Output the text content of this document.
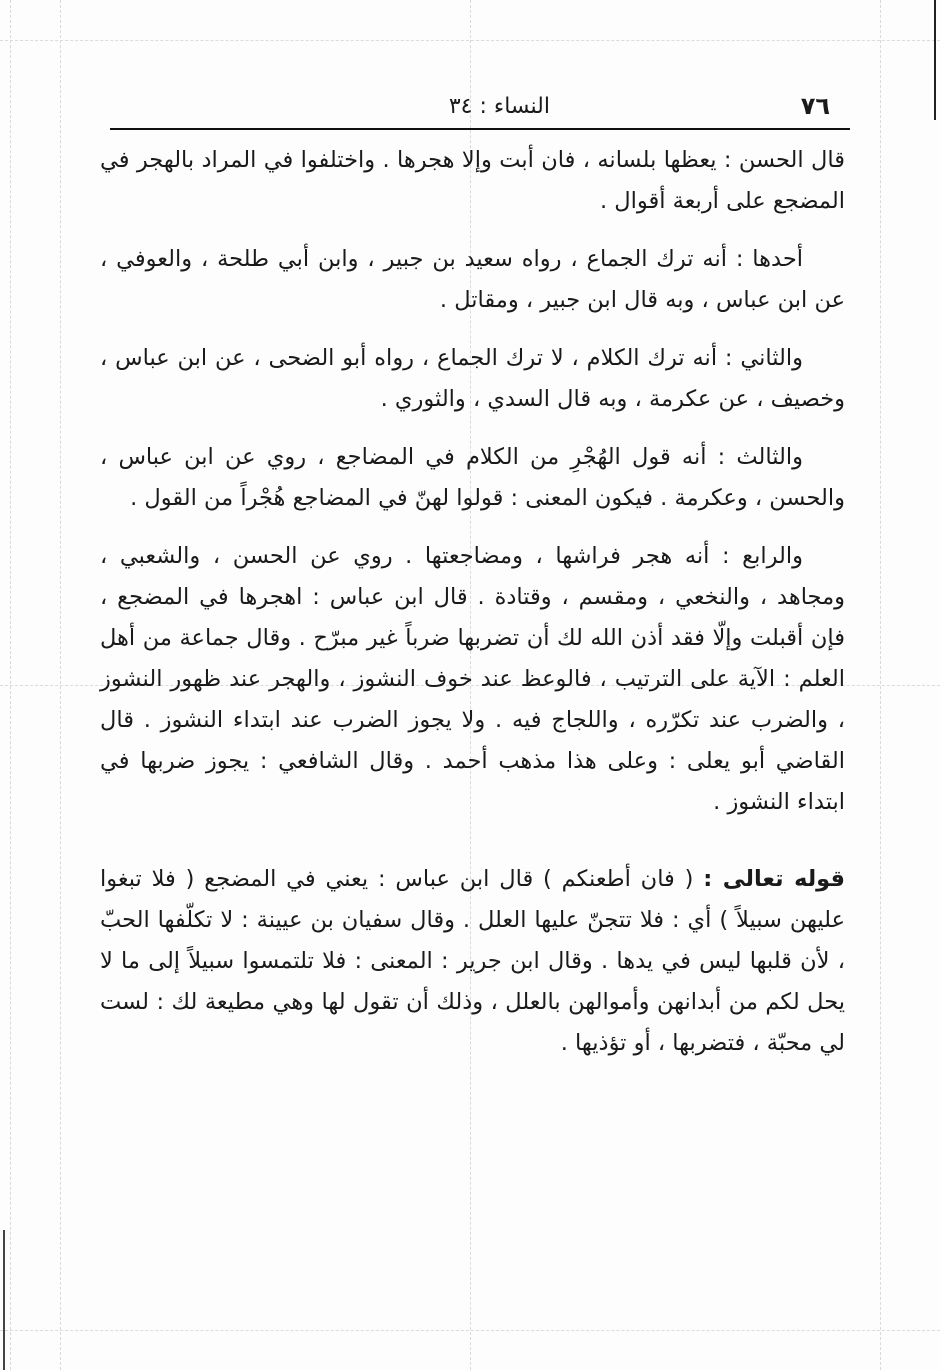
٧٦
النساء : ٣٤

قال الحسن : يعظها بلسانه ، فان أبت وإلا هجرها . واختلفوا في المراد بالهجر في المضجع على أربعة أقوال .

أحدها : أنه ترك الجماع ، رواه سعيد بن جبير ، وابن أبي طلحة ، والعوفي ، عن ابن عباس ، وبه قال ابن جبير ، ومقاتل .

والثاني : أنه ترك الكلام ، لا ترك الجماع ، رواه أبو الضحى ، عن ابن عباس ، وخصيف ، عن عكرمة ، وبه قال السدي ، والثوري .

والثالث : أنه قول الهُجْرِ من الكلام في المضاجع ، روي عن ابن عباس ، والحسن ، وعكرمة . فيكون المعنى : قولوا لهنّ في المضاجع هُجْراً من القول .

والرابع : أنه هجر فراشها ، ومضاجعتها . روي عن الحسن ، والشعبي ، ومجاهد ، والنخعي ، ومقسم ، وقتادة . قال ابن عباس : اهجرها في المضجع ، فإن أقبلت وإلّا فقد أذن الله لك أن تضربها ضرباً غير مبرّح . وقال جماعة من أهل العلم : الآية على الترتيب ، فالوعظ عند خوف النشوز ، والهجر عند ظهور النشوز ، والضرب عند تكرّره ، واللجاج فيه . ولا يجوز الضرب عند ابتداء النشوز . قال القاضي أبو يعلى : وعلى هذا مذهب أحمد . وقال الشافعي : يجوز ضربها في ابتداء النشوز .

قوله تعالى : ( فان أطعنكم ) قال ابن عباس : يعني في المضجع ( فلا تبغوا عليهن سبيلاً ) أي : فلا تتجنّ عليها العلل . وقال سفيان بن عيينة : لا تكلّفها الحبّ ، لأن قلبها ليس في يدها . وقال ابن جرير : المعنى : فلا تلتمسوا سبيلاً إلى ما لا يحل لكم من أبدانهن وأموالهن بالعلل ، وذلك أن تقول لها وهي مطيعة لك : لست لي محبّة ، فتضربها ، أو تؤذيها .
